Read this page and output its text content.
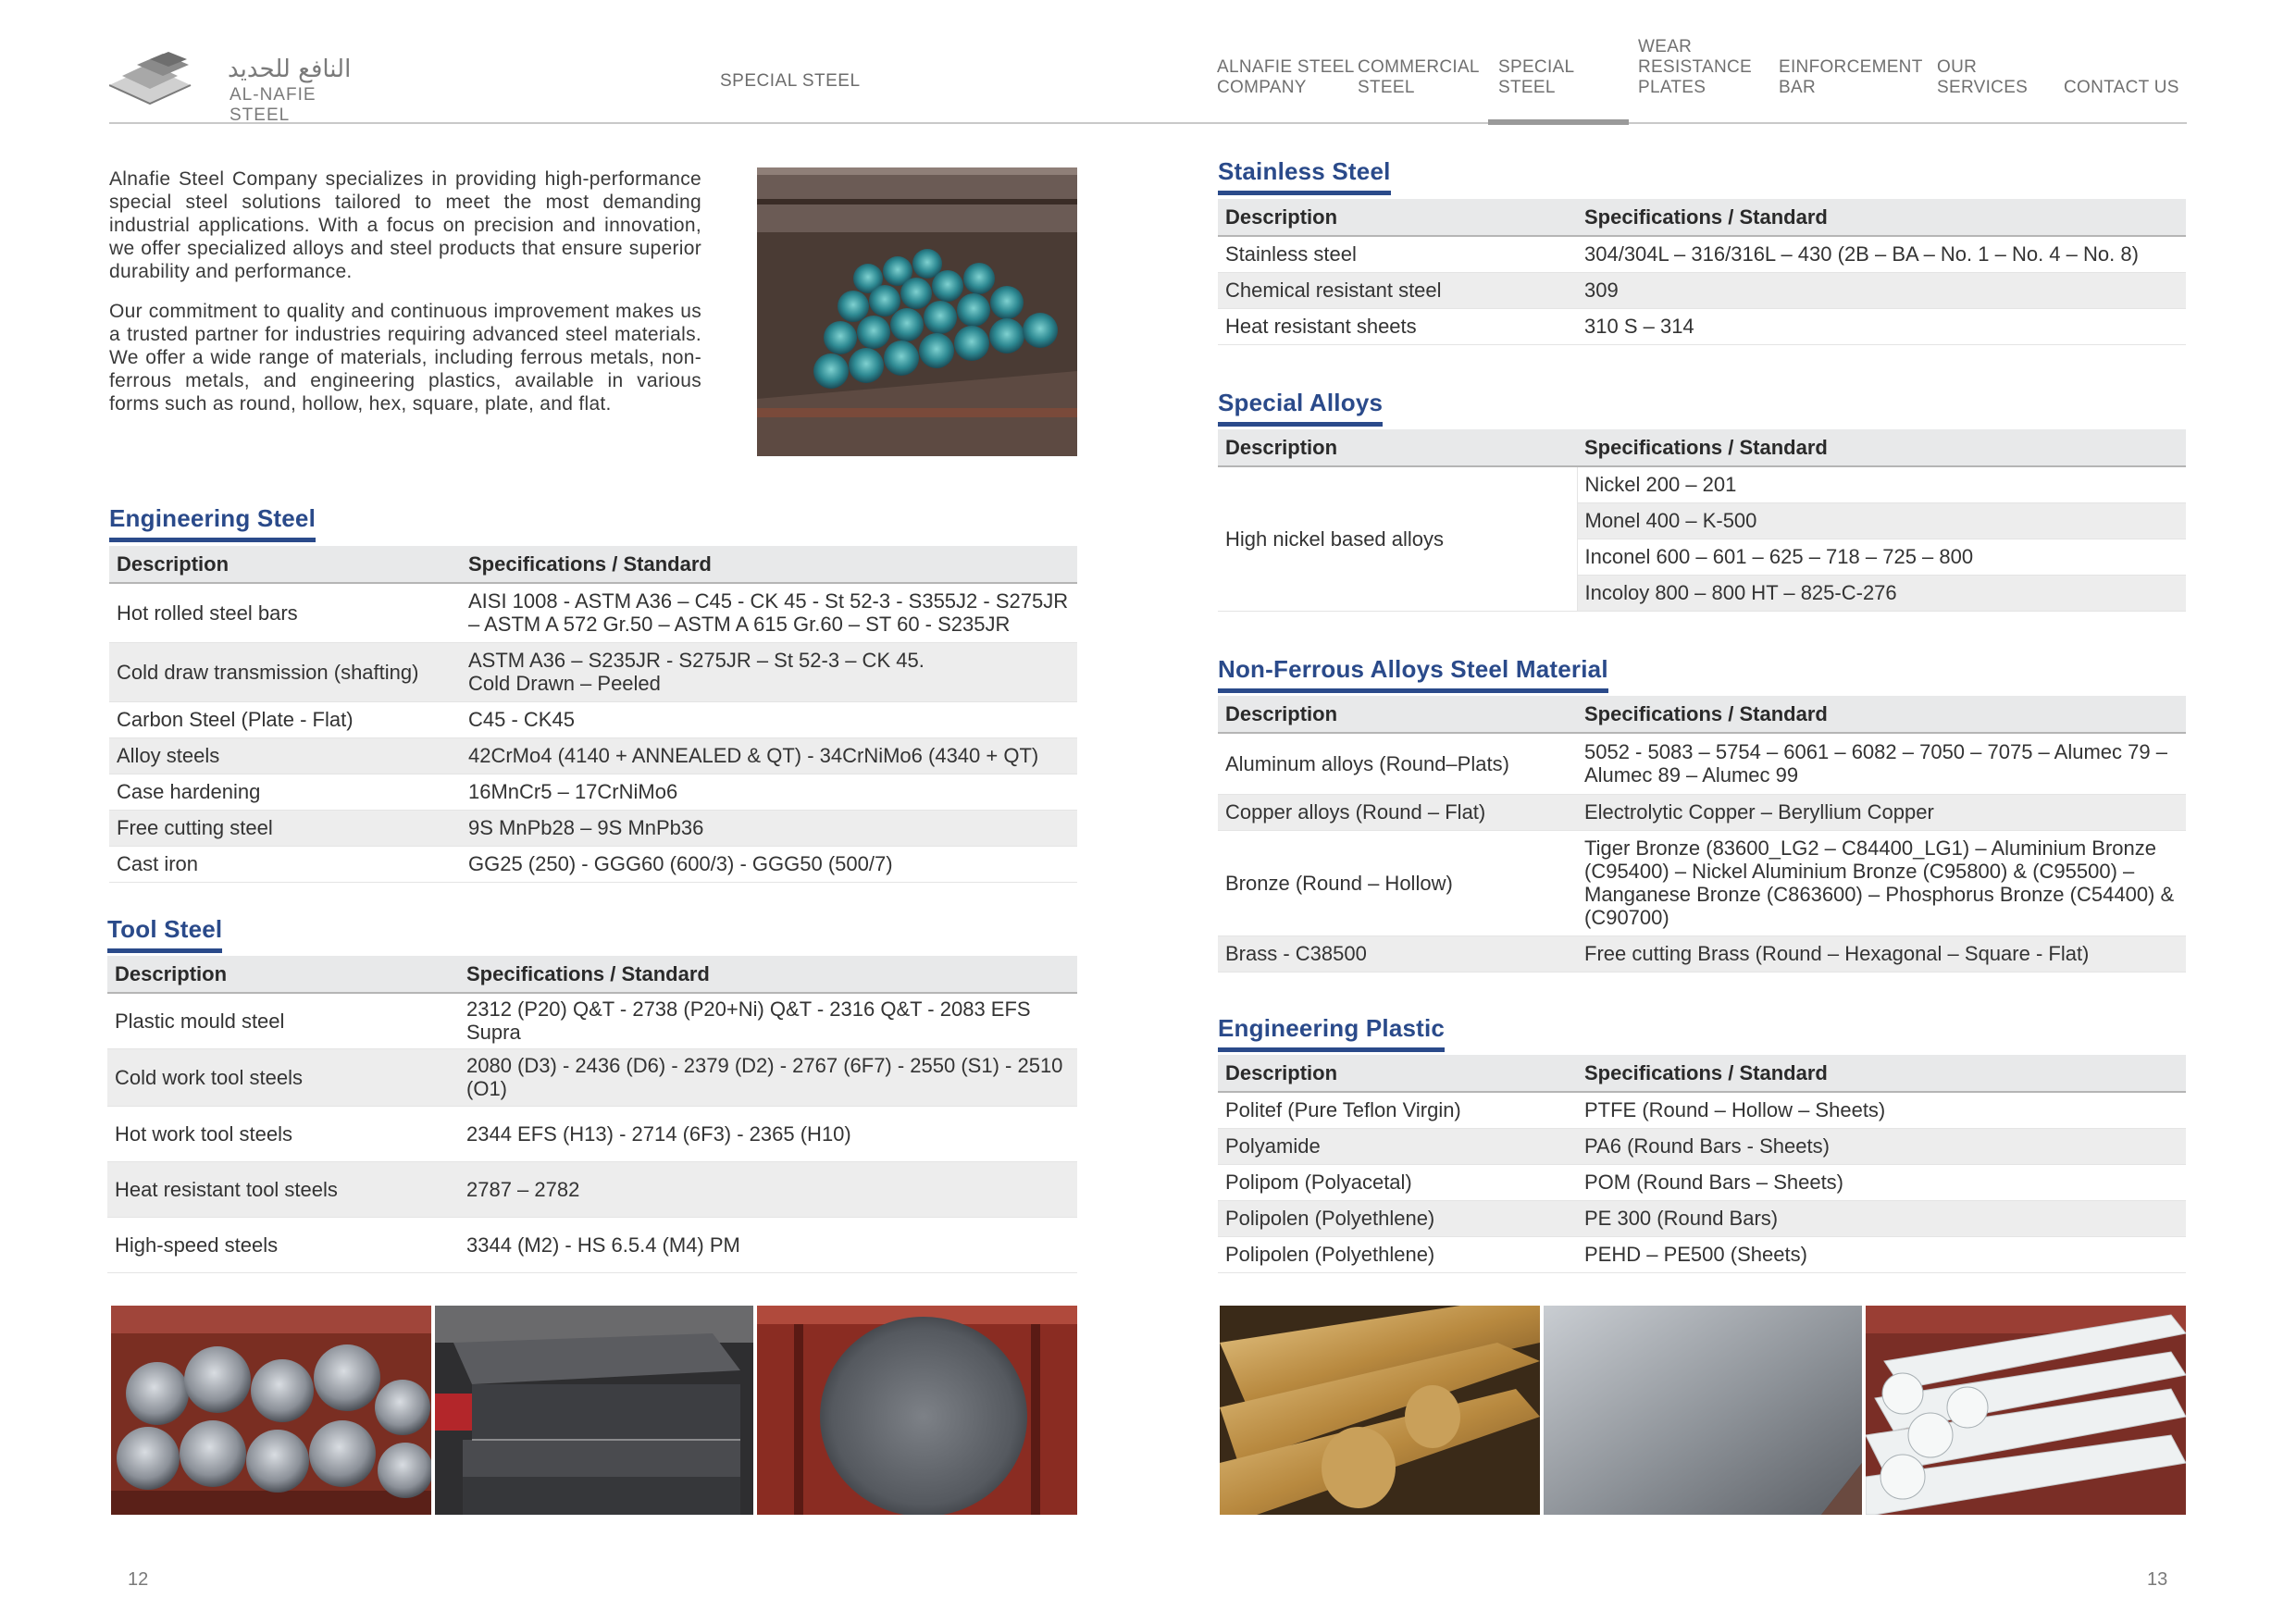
النافع للحديد
AL-NAFIE STEEL
SPECIAL STEEL
ALNAFIE STEEL
COMPANY
COMMERCIAL
STEEL
SPECIAL
STEEL
WEAR
RESISTANCE
PLATES
EINFORCEMENT
BAR
OUR
SERVICES CONTACT US

Alnafie Steel Company specializes in providing high-performance special steel solutions tailored to meet the most demanding industrial applications. With a focus on precision and innovation, we offer specialized alloys and steel products that ensure superior durability and performance.

Our commitment to quality and continuous improvement makes us a trusted partner for industries requiring advanced steel materials. We offer a wide range of materials, including ferrous metals, non-ferrous metals, and engineering plastics, available in various forms such as round, hollow, hex, square, plate, and flat.

Engineering Steel
Description	Specifications / Standard
Hot rolled steel bars	AISI 1008 - ASTM A36 – C45 - CK 45 - St 52-3 - S355J2 - S275JR – ASTM A 572 Gr.50 – ASTM A 615 Gr.60 – ST 60 - S235JR
Cold draw transmission (shafting)	ASTM A36 – S235JR - S275JR – St 52-3 – CK 45.
Cold Drawn – Peeled
Carbon Steel (Plate - Flat)	C45 - CK45
Alloy steels	42CrMo4 (4140 + ANNEALED & QT) - 34CrNiMo6 (4340 + QT)
Case hardening	16MnCr5 – 17CrNiMo6
Free cutting steel	9S MnPb28 – 9S MnPb36
Cast iron	GG25 (250) - GGG60 (600/3) - GGG50 (500/7)
Tool Steel
Description	Specifications / Standard
Plastic mould steel	2312 (P20) Q&T - 2738 (P20+Ni) Q&T - 2316 Q&T - 2083 EFS Supra
Cold work tool steels	2080 (D3) - 2436 (D6) - 2379 (D2) - 2767 (6F7) - 2550 (S1) - 2510 (O1)
Hot work tool steels	2344 EFS (H13) - 2714 (6F3) - 2365 (H10)
Heat resistant tool steels	2787 – 2782
High-speed steels	3344 (M2) - HS 6.5.4 (M4) PM
12
Stainless Steel
Description	Specifications / Standard
Stainless steel	304/304L – 316/316L – 430 (2B – BA – No. 1 – No. 4 – No. 8)
Chemical resistant steel	309
Heat resistant sheets	310 S – 314
Special Alloys
Description	Specifications / Standard
High nickel based alloys	Nickel 200 – 201
	Monel 400 – K-500
	Inconel 600 – 601 – 625 – 718 – 725 – 800
	Incoloy 800 – 800 HT – 825-C-276
Non-Ferrous Alloys Steel Material
Description	Specifications / Standard
Aluminum alloys (Round–Plats)	5052 - 5083 – 5754 – 6061 – 6082 – 7050 – 7075 – Alumec 79 – Alumec 89 – Alumec 99
Copper alloys (Round – Flat)	Electrolytic Copper – Beryllium Copper
Bronze (Round – Hollow)	Tiger Bronze (83600_LG2 – C84400_LG1) – Aluminium Bronze (C95400) – Nickel Aluminium Bronze (C95800) & (C95500) – Manganese Bronze (C863600) – Phosphorus Bronze (C54400) & (C90700)
Brass - C38500	Free cutting Brass (Round – Hexagonal – Square - Flat)
Engineering Plastic
Description	Specifications / Standard
Politef (Pure Teflon Virgin)	PTFE (Round – Hollow – Sheets)
Polyamide	PA6 (Round Bars - Sheets)
Polipom (Polyacetal)	POM (Round Bars – Sheets)
Polipolen (Polyethlene)	PE 300 (Round Bars)
Polipolen (Polyethlene)	PEHD – PE500 (Sheets)
13
